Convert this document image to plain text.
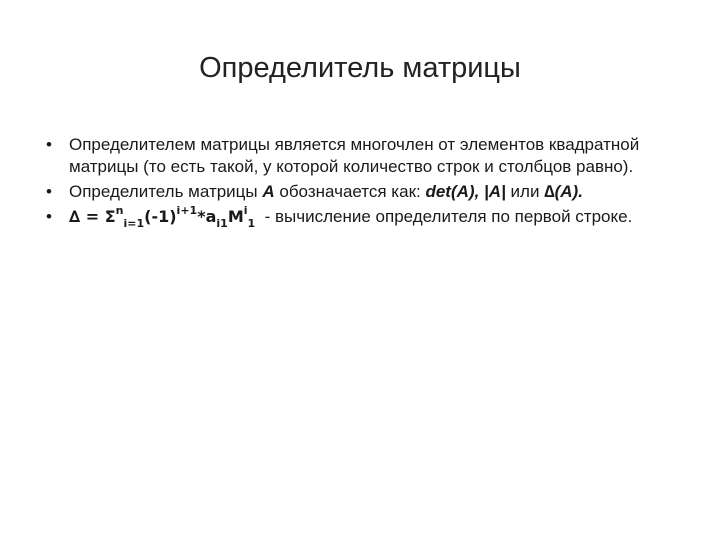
Определитель матрицы
• Определителем матрицы является многочлен от элементов квадратной матрицы (то есть такой, у которой количество строк и столбцов равно).
• Определитель матрицы A обозначается как: det(A), |A| или ∆(A).
• ∆ = $\Sigma^n_{i=1}(-1)^{i+1}*a_{i1}M^i_1$  - вычисление определителя по первой строке.
